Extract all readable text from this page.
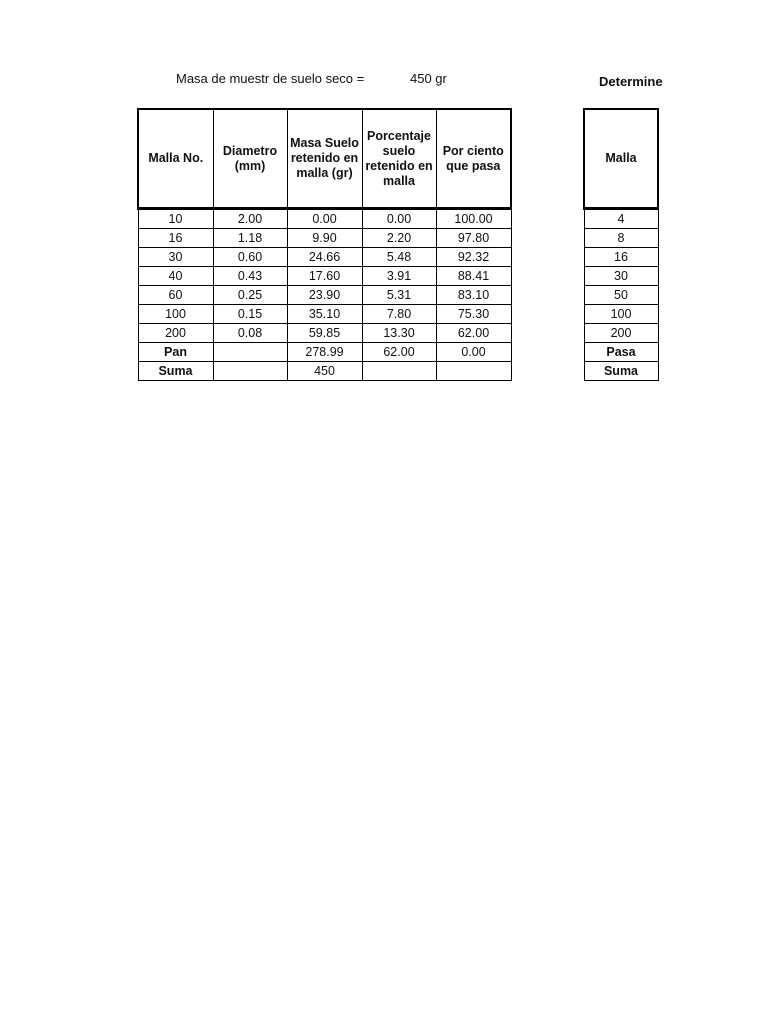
Masa de muestr de suelo seco =	450 gr	Determine
Malla No.	Diametro (mm)	Masa Suelo retenido en malla (gr)	Porcentaje suelo retenido en malla	Por ciento que pasa
10	2.00	0.00	0.00	100.00
16	1.18	9.90	2.20	97.80
30	0.60	24.66	5.48	92.32
40	0.43	17.60	3.91	88.41
60	0.25	23.90	5.31	83.10
100	0.15	35.10	7.80	75.30
200	0.08	59.85	13.30	62.00
Pan		278.99	62.00	0.00
Suma		450		
Malla
4
8
16
30
50
100
200
Pasa
Suma
